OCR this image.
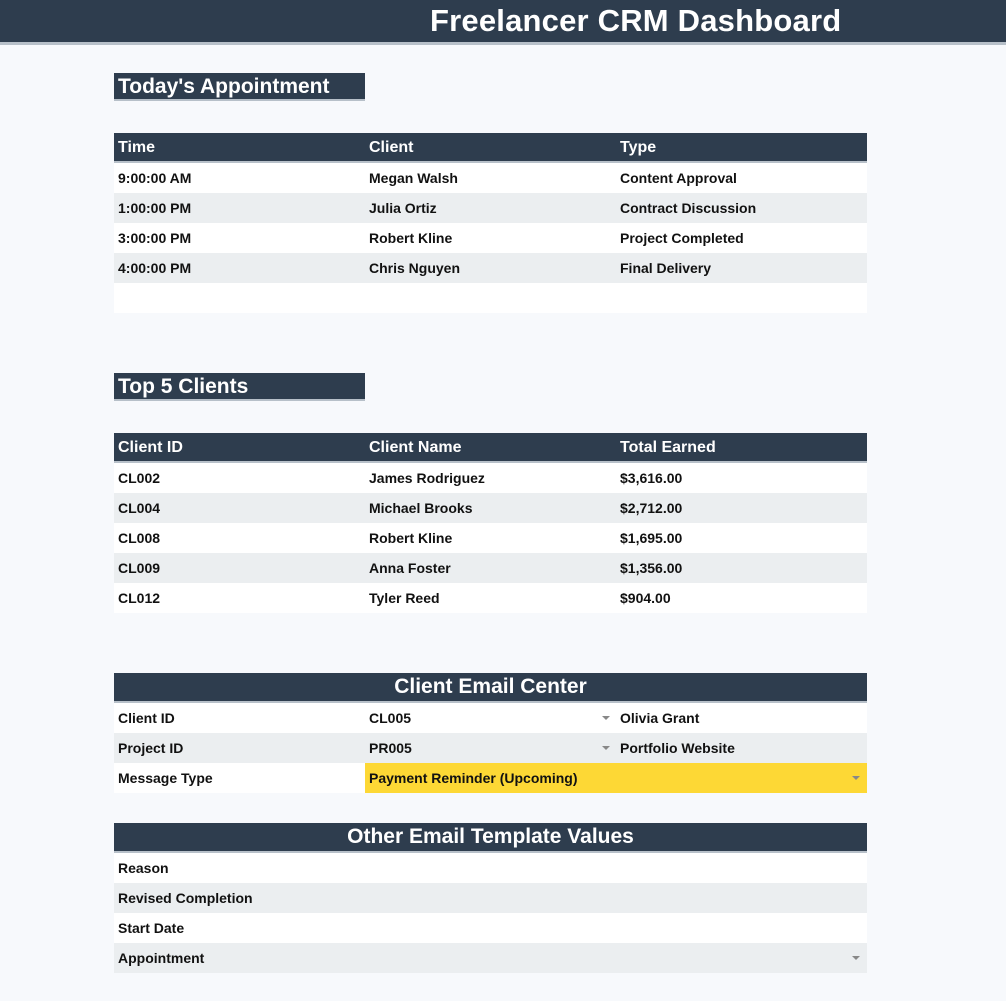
Freelancer CRM Dashboard
Today's Appointment
Time	Client	Type
9:00:00 AM	Megan Walsh	Content Approval
1:00:00 PM	Julia Ortiz	Contract Discussion
3:00:00 PM	Robert Kline	Project Completed
4:00:00 PM	Chris Nguyen	Final Delivery
Top 5 Clients
Client ID	Client Name	Total Earned
CL002	James Rodriguez	$3,616.00
CL004	Michael Brooks	$2,712.00
CL008	Robert Kline	$1,695.00
CL009	Anna Foster	$1,356.00
CL012	Tyler Reed	$904.00
Client Email Center
Client ID	CL005	Olivia Grant
Project ID	PR005	Portfolio Website
Message Type	Payment Reminder (Upcoming)
Other Email Template Values
Reason
Revised Completion
Start Date
Appointment
